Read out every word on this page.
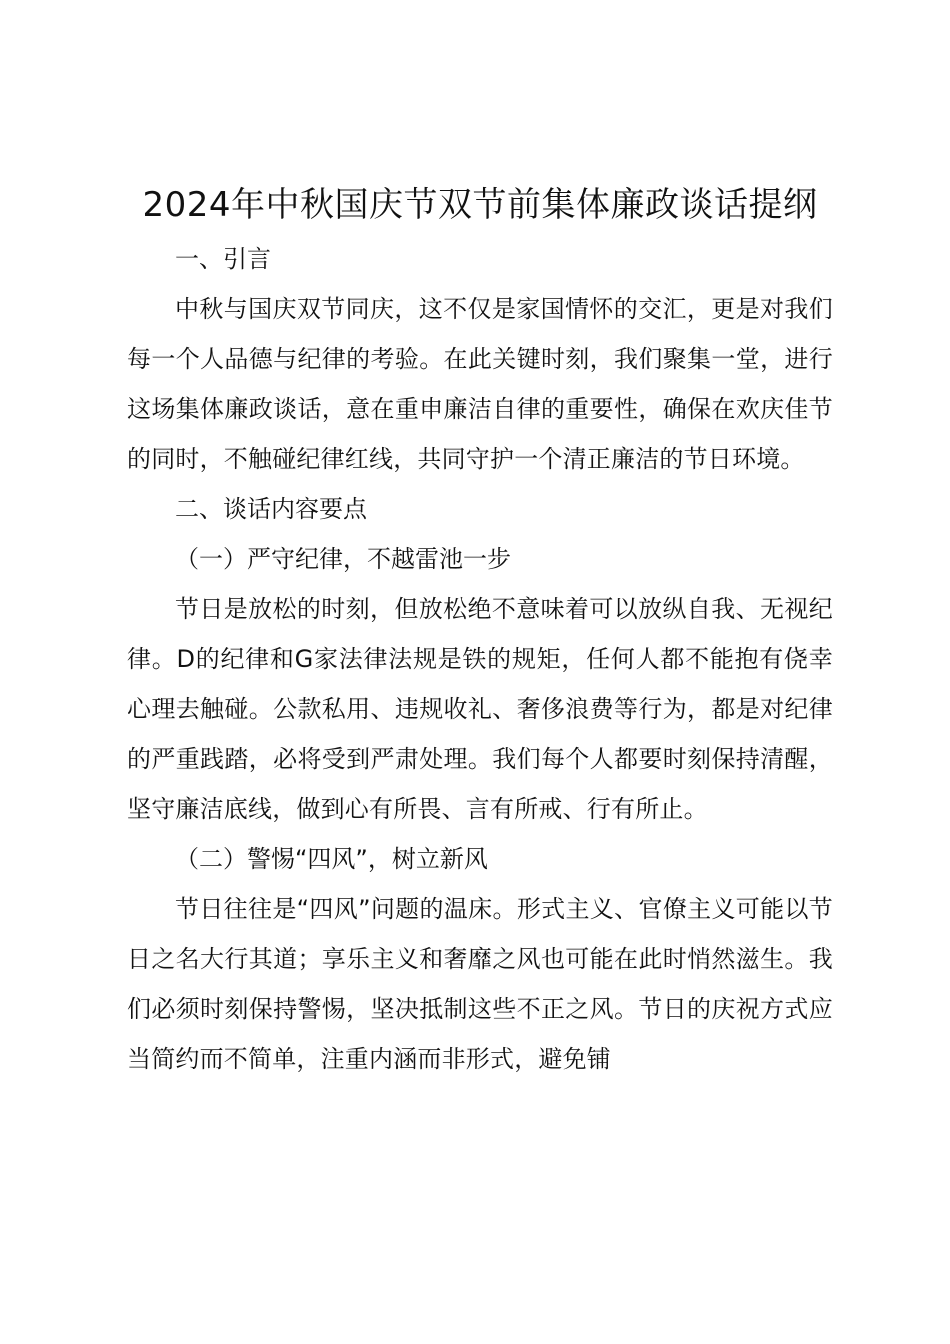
2024年中秋国庆节双节前集体廉政谈话提纲
一、引言

中秋与国庆双节同庆，这不仅是家国情怀的交汇，更是对我们每一个人品德与纪律的考验。在此关键时刻，我们聚集一堂，进行这场集体廉政谈话，意在重申廉洁自律的重要性，确保在欢庆佳节的同时，不触碰纪律红线，共同守护一个清正廉洁的节日环境。

二、谈话内容要点
（一）严守纪律，不越雷池一步

节日是放松的时刻，但放松绝不意味着可以放纵自我、无视纪律。D的纪律和G家法律法规是铁的规矩，任何人都不能抱有侥幸心理去触碰。公款私用、违规收礼、奢侈浪费等行为，都是对纪律的严重践踏，必将受到严肃处理。我们每个人都要时刻保持清醒，坚守廉洁底线，做到心有所畏、言有所戒、行有所止。

（二）警惕“四风”，树立新风

节日往往是“四风”问题的温床。形式主义、官僚主义可能以节日之名大行其道；享乐主义和奢靡之风也可能在此时悄然滋生。我们必须时刻保持警惕，坚决抵制这些不正之风。节日的庆祝方式应当简约而不简单，注重内涵而非形式，避免铺
